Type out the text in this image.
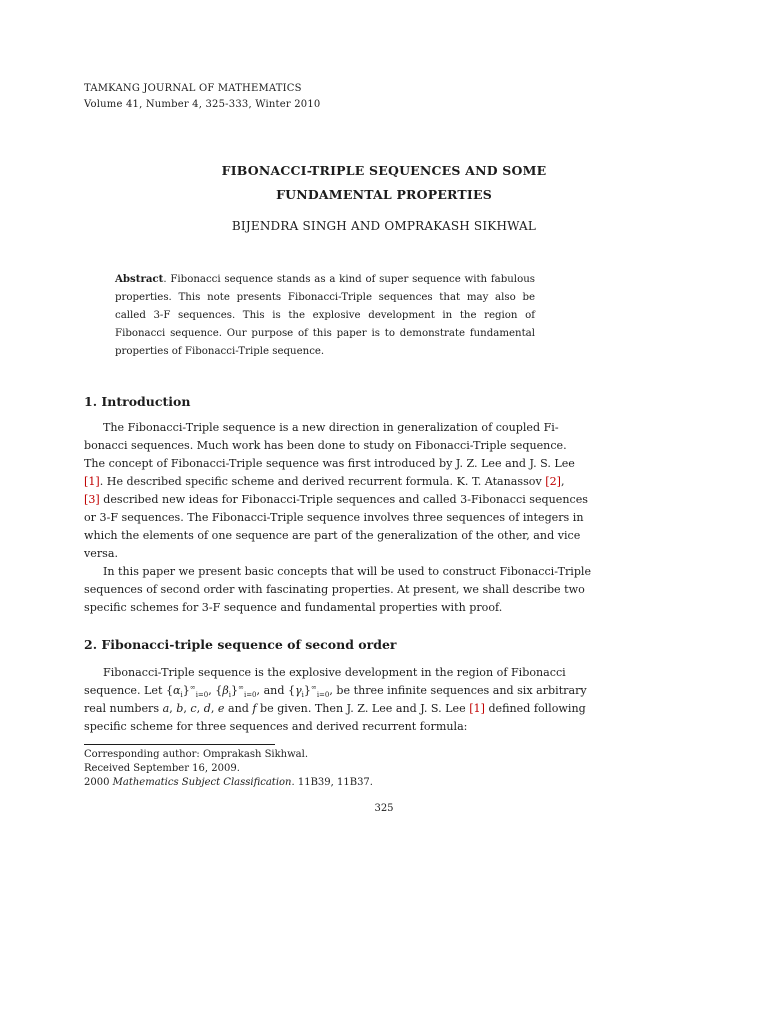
TAMKANG JOURNAL OF MATHEMATICS
Volume 41, Number 4, 325-333, Winter 2010
FIBONACCI-TRIPLE SEQUENCES AND SOME
FUNDAMENTAL PROPERTIES
BIJENDRA SINGH AND OMPRAKASH SIKHWAL
Abstract. Fibonacci sequence stands as a kind of super sequence with fabulous properties. This note presents Fibonacci-Triple sequences that may also be called 3-F sequences. This is the explosive development in the region of Fibonacci sequence. Our purpose of this paper is to demonstrate fundamental properties of Fibonacci-Triple sequence.
1. Introduction
The Fibonacci-Triple sequence is a new direction in generalization of coupled Fi-
bonacci sequences. Much work has been done to study on Fibonacci-Triple sequence.
The concept of Fibonacci-Triple sequence was first introduced by J. Z. Lee and J. S. Lee
[1]. He described specific scheme and derived recurrent formula. K. T. Atanassov [2],
[3] described new ideas for Fibonacci-Triple sequences and called 3-Fibonacci sequences
or 3-F sequences. The Fibonacci-Triple sequence involves three sequences of integers in
which the elements of one sequence are part of the generalization of the other, and vice
versa.
In this paper we present basic concepts that will be used to construct Fibonacci-Triple
sequences of second order with fascinating properties. At present, we shall describe two
specific schemes for 3-F sequence and fundamental properties with proof.
2. Fibonacci-triple sequence of second order
Fibonacci-Triple sequence is the explosive development in the region of Fibonacci
sequence. Let $\{\alpha_i\}^\infty_{i=0}$, $\{\beta_i\}^\infty_{i=0}$, and $\{\gamma_i\}^\infty_{i=0}$, be three infinite sequences and six arbitrary
real numbers a, b, c, d, e and f be given. Then J. Z. Lee and J. S. Lee [1] defined following
specific scheme for three sequences and derived recurrent formula:
Corresponding author: Omprakash Sikhwal.
Received September 16, 2009.
2000 Mathematics Subject Classification. 11B39, 11B37.
325
